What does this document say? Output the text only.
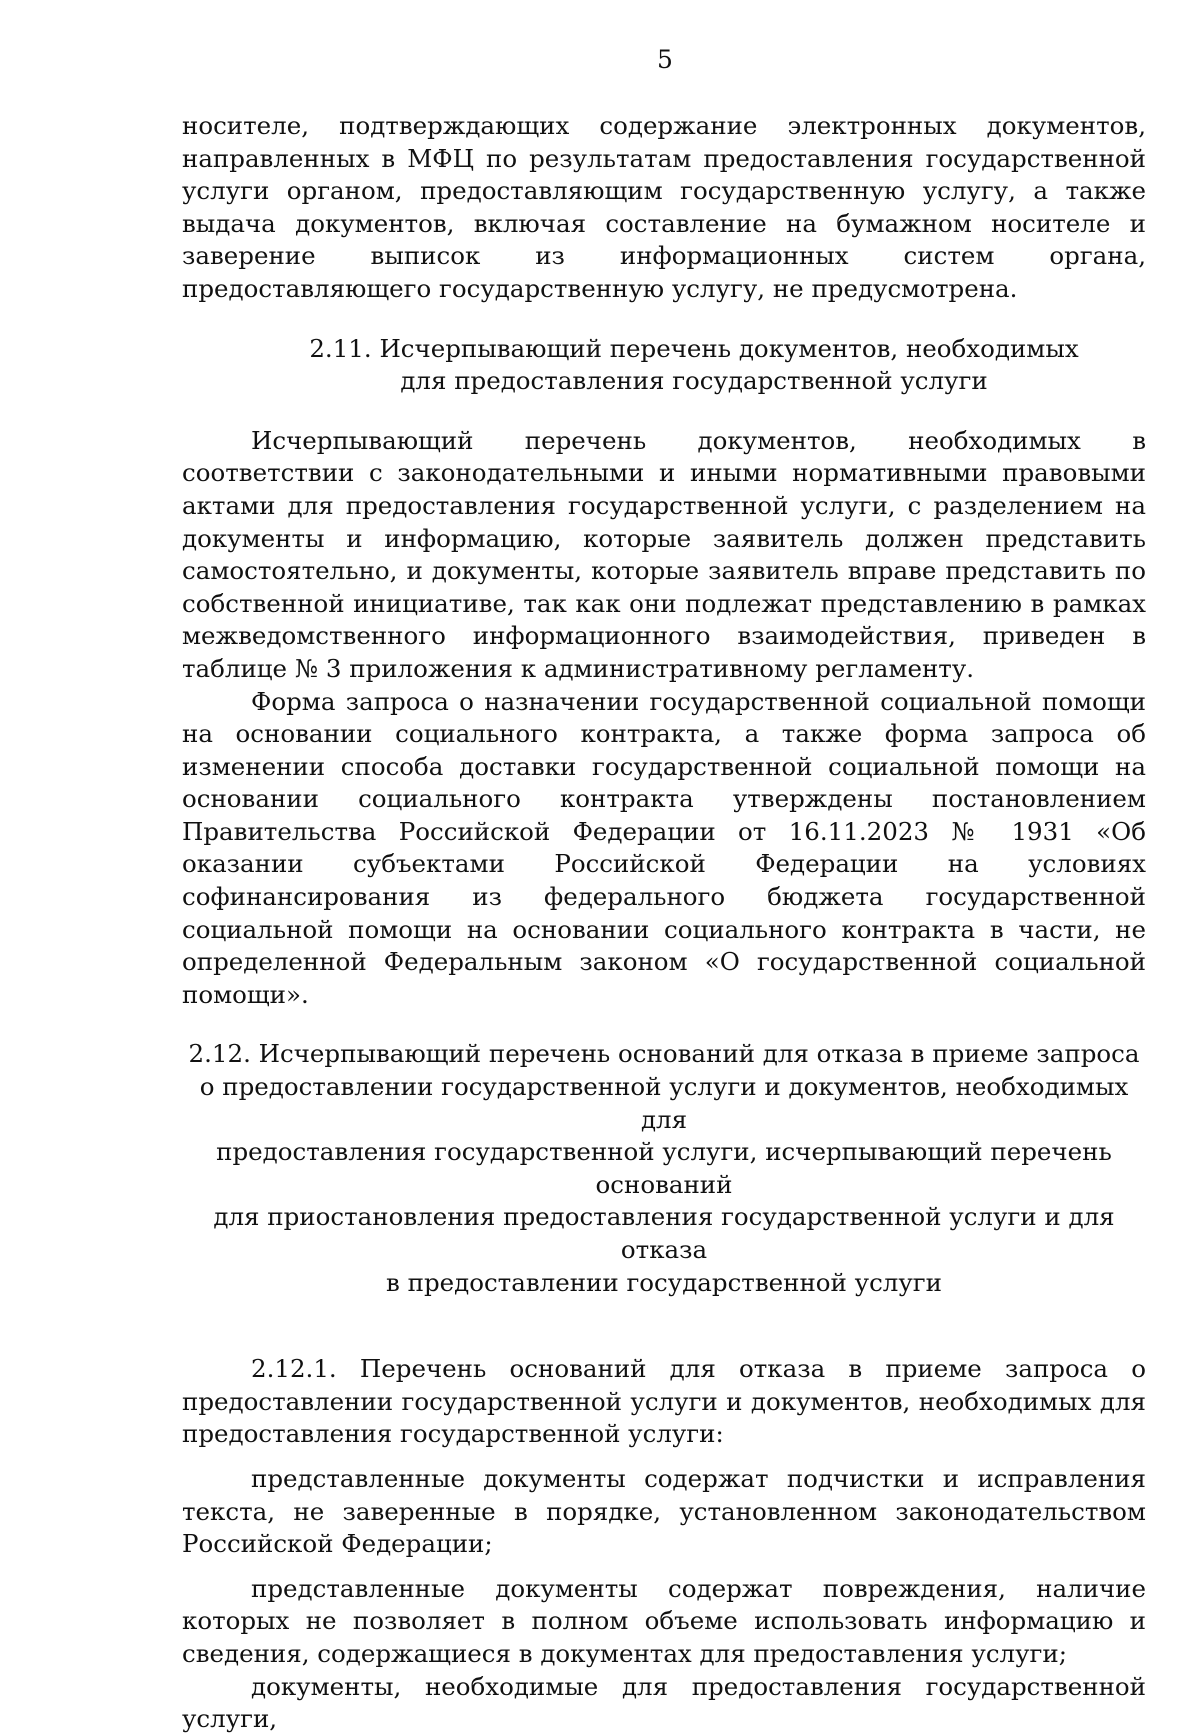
5

носителе, подтверждающих содержание электронных документов, направленных в МФЦ по результатам предоставления государственной услуги органом, предоставляющим государственную услугу, а также выдача документов, включая составление на бумажном носителе и заверение выписок из информационных систем органа, предоставляющего государственную услугу, не предусмотрена.

2.11. Исчерпывающий перечень документов, необходимых
для предоставления государственной услуги

Исчерпывающий перечень документов, необходимых в соответствии с законодательными и иными нормативными правовыми актами для предоставления государственной услуги, с разделением на документы и информацию, которые заявитель должен представить самостоятельно, и документы, которые заявитель вправе представить по собственной инициативе, так как они подлежат представлению в рамках межведомственного информационного взаимодействия, приведен в таблице № 3 приложения к административному регламенту.

Форма запроса о назначении государственной социальной помощи на основании социального контракта, а также форма запроса об изменении способа доставки государственной социальной помощи на основании социального контракта утверждены постановлением Правительства Российской Федерации от 16.11.2023 № 1931 «Об оказании субъектами Российской Федерации на условиях софинансирования из федерального бюджета государственной социальной помощи на основании социального контракта в части, не определенной Федеральным законом «О государственной социальной помощи».

2.12. Исчерпывающий перечень оснований для отказа в приеме запроса
о предоставлении государственной услуги и документов, необходимых для
предоставления государственной услуги, исчерпывающий перечень оснований
для приостановления предоставления государственной услуги и для отказа
в предоставлении государственной услуги

2.12.1. Перечень оснований для отказа в приеме запроса о предоставлении государственной услуги и документов, необходимых для предоставления государственной услуги:

представленные документы содержат подчистки и исправления текста, не заверенные в порядке, установленном законодательством Российской Федерации;

представленные документы содержат повреждения, наличие которых не позволяет в полном объеме использовать информацию и сведения, содержащиеся в документах для предоставления услуги;

документы, необходимые для предоставления государственной услуги,
